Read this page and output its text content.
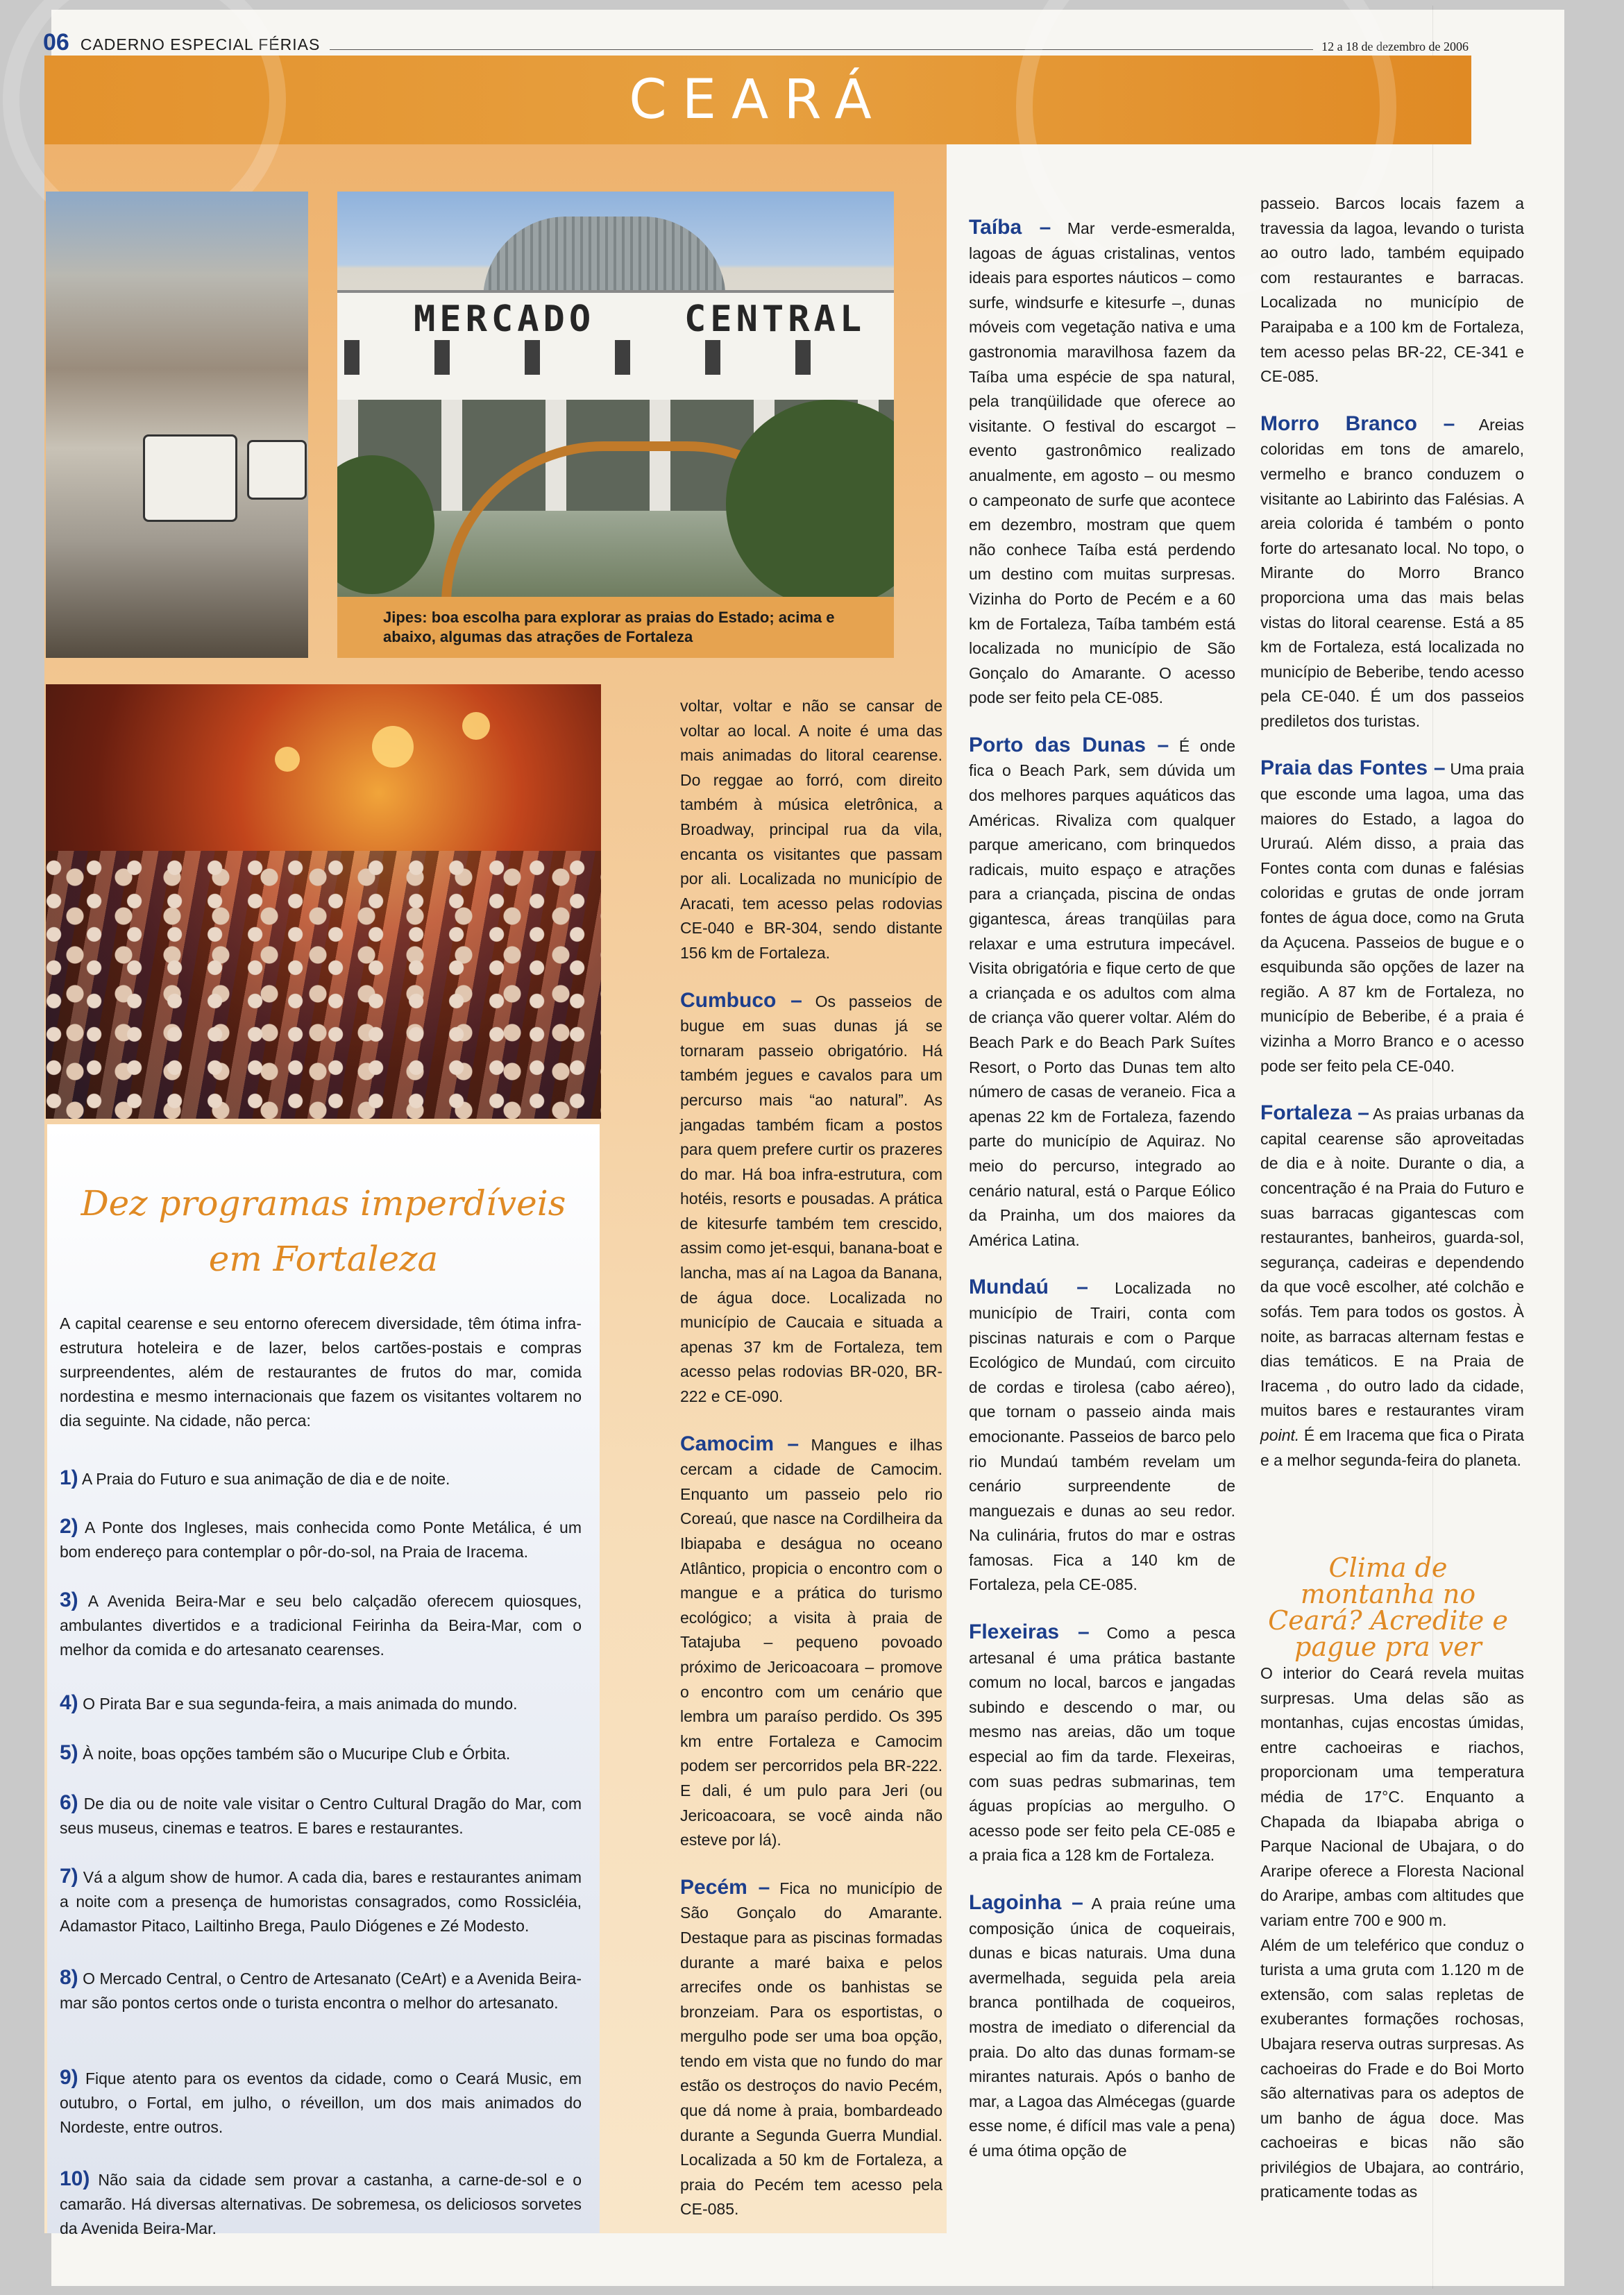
06 CADERNO ESPECIAL FÉRIAS	12 a 18 de dezembro de 2006
CEARÁ
MERCADO CENTRAL
Jipes: boa escolha para explorar as praias do Estado; acima e abaixo, algumas das atrações de Fortaleza
Dez programas imperdíveis
em Fortaleza
A capital cearense e seu entorno oferecem diversidade, têm ótima infra-estrutura hoteleira e de lazer, belos cartões-postais e compras surpreendentes, além de restaurantes de frutos do mar, comida nordestina e mesmo internacionais que fazem os visitantes voltarem no dia seguinte. Na cidade, não perca:
1) A Praia do Futuro e sua animação de dia e de noite.
2) A Ponte dos Ingleses, mais conhecida como Ponte Metálica, é um bom endereço para contemplar o pôr-do-sol, na Praia de Iracema.
3) A Avenida Beira-Mar e seu belo calçadão oferecem quiosques, ambulantes divertidos e a tradicional Feirinha da Beira-Mar, com o melhor da comida e do artesanato cearenses.
4) O Pirata Bar e sua segunda-feira, a mais animada do mundo.
5) À noite, boas opções também são o Mucuripe Club e Órbita.
6) De dia ou de noite vale visitar o Centro Cultural Dragão do Mar, com seus museus, cinemas e teatros. E bares e restaurantes.
7) Vá a algum show de humor. A cada dia, bares e restaurantes animam a noite com a presença de humoristas consagrados, como Rossicléia, Adamastor Pitaco, Lailtinho Brega, Paulo Diógenes e Zé Modesto.
8) O Mercado Central, o Centro de Artesanato (CeArt) e a Avenida Beira-mar são pontos certos onde o turista encontra o melhor do artesanato.
9) Fique atento para os eventos da cidade, como o Ceará Music, em outubro, o Fortal, em julho, o réveillon, um dos mais animados do Nordeste, entre outros.
10) Não saia da cidade sem provar a castanha, a carne-de-sol e o camarão. Há diversas alternativas. De sobremesa, os deliciosos sorvetes da Avenida Beira-Mar.

voltar, voltar e não se cansar de voltar ao local. A noite é uma das mais animadas do litoral cearense. Do reggae ao forró, com direito também à música eletrônica, a Broadway, principal rua da vila, encanta os visitantes que passam por ali. Localizada no município de Aracati, tem acesso pelas rodovias CE-040 e BR-304, sendo distante 156 km de Fortaleza.

Cumbuco – Os passeios de bugue em suas dunas já se tornaram passeio obrigatório. Há também jegues e cavalos para um percurso mais “ao natural”. As jangadas também ficam a postos para quem prefere curtir os prazeres do mar. Há boa infra-estrutura, com hotéis, resorts e pousadas. A prática de kitesurfe também tem crescido, assim como jet-esqui, banana-boat e lancha, mas aí na Lagoa da Banana, de água doce. Localizada no município de Caucaia e situada a apenas 37 km de Fortaleza, tem acesso pelas rodovias BR-020, BR-222 e CE-090.

Camocim – Mangues e ilhas cercam a cidade de Camocim. Enquanto um passeio pelo rio Coreaú, que nasce na Cordilheira da Ibiapaba e deságua no oceano Atlântico, propicia o encontro com o mangue e a prática do turismo ecológico; a visita à praia de Tatajuba – pequeno povoado próximo de Jericoacoara – promove o encontro com um cenário que lembra um paraíso perdido. Os 395 km entre Fortaleza e Camocim podem ser percorridos pela BR-222. E dali, é um pulo para Jeri (ou Jericoacoara, se você ainda não esteve por lá).

Pecém – Fica no município de São Gonçalo do Amarante. Destaque para as piscinas formadas durante a maré baixa e pelos arrecifes onde os banhistas se bronzeiam. Para os esportistas, o mergulho pode ser uma boa opção, tendo em vista que no fundo do mar estão os destroços do navio Pecém, que dá nome à praia, bombardeado durante a Segunda Guerra Mundial. Localizada a 50 km de Fortaleza, a praia do Pecém tem acesso pela CE-085.

Taíba – Mar verde-esmeralda, lagoas de águas cristalinas, ventos ideais para esportes náuticos – como surfe, windsurfe e kitesurfe –, dunas móveis com vegetação nativa e uma gastronomia maravilhosa fazem da Taíba uma espécie de spa natural, pela tranqüilidade que oferece ao visitante. O festival do escargot – evento gastronômico realizado anualmente, em agosto – ou mesmo o campeonato de surfe que acontece em dezembro, mostram que quem não conhece Taíba está perdendo um destino com muitas surpresas. Vizinha do Porto de Pecém e a 60 km de Fortaleza, Taíba também está localizada no município de São Gonçalo do Amarante. O acesso pode ser feito pela CE-085.

Porto das Dunas – É onde fica o Beach Park, sem dúvida um dos melhores parques aquáticos das Américas. Rivaliza com qualquer parque americano, com brinquedos radicais, muito espaço e atrações para a criançada, piscina de ondas gigantesca, áreas tranqüilas para relaxar e uma estrutura impecável. Visita obrigatória e fique certo de que a criançada e os adultos com alma de criança vão querer voltar. Além do Beach Park e do Beach Park Suítes Resort, o Porto das Dunas tem alto número de casas de veraneio. Fica a apenas 22 km de Fortaleza, fazendo parte do município de Aquiraz. No meio do percurso, integrado ao cenário natural, está o Parque Eólico da Prainha, um dos maiores da América Latina.

Mundaú – Localizada no município de Trairi, conta com piscinas naturais e com o Parque Ecológico de Mundaú, com circuito de cordas e tirolesa (cabo aéreo), que tornam o passeio ainda mais emocionante. Passeios de barco pelo rio Mundaú também revelam um cenário surpreendente de manguezais e dunas ao seu redor. Na culinária, frutos do mar e ostras famosas. Fica a 140 km de Fortaleza, pela CE-085.

Flexeiras – Como a pesca artesanal é uma prática bastante comum no local, barcos e jangadas subindo e descendo o mar, ou mesmo nas areias, dão um toque especial ao fim da tarde. Flexeiras, com suas pedras submarinas, tem águas propícias ao mergulho. O acesso pode ser feito pela CE-085 e a praia fica a 128 km de Fortaleza.

Lagoinha – A praia reúne uma composição única de coqueirais, dunas e bicas naturais. Uma duna avermelhada, seguida pela areia branca pontilhada de coqueiros, mostra de imediato o diferencial da praia. Do alto das dunas formam-se mirantes naturais. Após o banho de mar, a Lagoa das Almécegas (guarde esse nome, é difícil mas vale a pena) é uma ótima opção de

passeio. Barcos locais fazem a travessia da lagoa, levando o turista ao outro lado, também equipado com restaurantes e barracas. Localizada no município de Paraipaba e a 100 km de Fortaleza, tem acesso pelas BR-22, CE-341 e CE-085.

Morro Branco – Areias coloridas em tons de amarelo, vermelho e branco conduzem o visitante ao Labirinto das Falésias. A areia colorida é também o ponto forte do artesanato local. No topo, o Mirante do Morro Branco proporciona uma das mais belas vistas do litoral cearense. Está a 85 km de Fortaleza, está localizada no município de Beberibe, tendo acesso pela CE-040. É um dos passeios prediletos dos turistas.

Praia das Fontes – Uma praia que esconde uma lagoa, uma das maiores do Estado, a lagoa do Ururaú. Além disso, a praia das Fontes conta com dunas e falésias coloridas e grutas de onde jorram fontes de água doce, como na Gruta da Açucena. Passeios de bugue e o esquibunda são opções de lazer na região. A 87 km de Fortaleza, no município de Beberibe, é a praia é vizinha a Morro Branco e o acesso pode ser feito pela CE-040.

Fortaleza – As praias urbanas da capital cearense são aproveitadas de dia e à noite. Durante o dia, a concentração é na Praia do Futuro e suas barracas gigantescas com restaurantes, banheiros, guarda-sol, segurança, cadeiras e dependendo da que você escolher, até colchão e sofás. Tem para todos os gostos. À noite, as barracas alternam festas e dias temáticos. E na Praia de Iracema , do outro lado da cidade, muitos bares e restaurantes viram point. É em Iracema que fica o Pirata e a melhor segunda-feira do planeta.

Clima de
montanha no
Ceará? Acredite e
pague pra ver
O interior do Ceará revela muitas surpresas. Uma delas são as montanhas, cujas encostas úmidas, entre cachoeiras e riachos, proporcionam uma temperatura média de 17°C. Enquanto a Chapada da Ibiapaba abriga o Parque Nacional de Ubajara, o do Araripe oferece a Floresta Nacional do Araripe, ambas com altitudes que variam entre 700 e 900 m.
Além de um teleférico que conduz o turista a uma gruta com 1.120 m de extensão, com salas repletas de exuberantes formações rochosas, Ubajara reserva outras surpresas. As cachoeiras do Frade e do Boi Morto são alternativas para os adeptos de um banho de água doce. Mas cachoeiras e bicas não são privilégios de Ubajara, ao contrário, praticamente todas as
